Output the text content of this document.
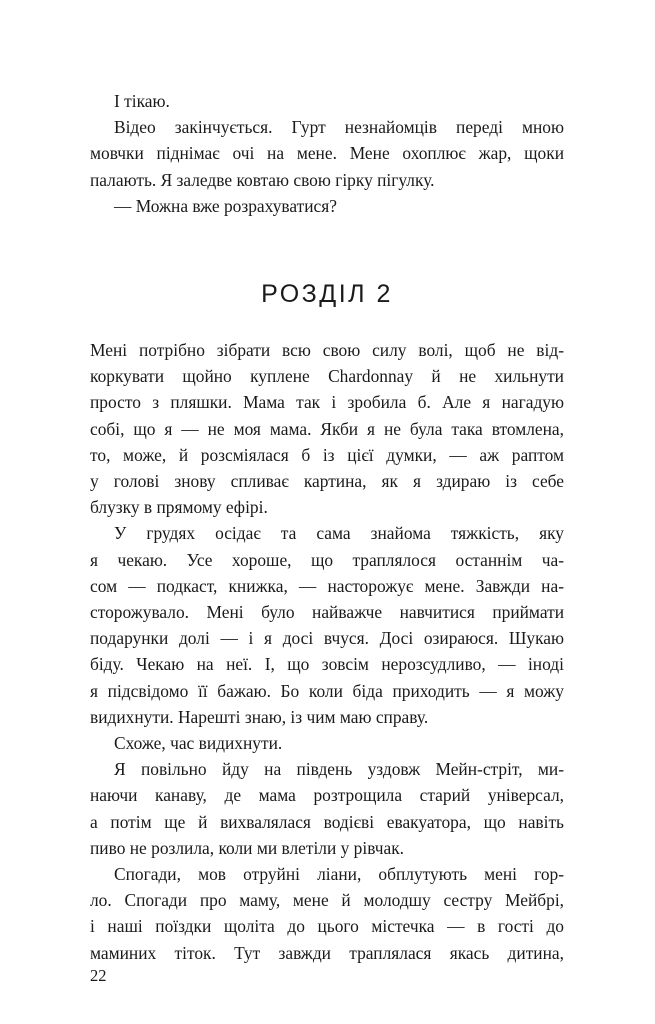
І тікаю.

Відео закінчується. Гурт незнайомців переді мною
мовчки піднімає очі на мене. Мене охоплює жар, щоки
палають. Я заледве ковтаю свою гірку пігулку.

— Можна вже розрахуватися?

РОЗДІЛ 2

Мені потрібно зібрати всю свою силу волі, щоб не від-
коркувати щойно куплене Chardonnay й не хильнути
просто з пляшки. Мама так і зробила б. Але я нагадую
собі, що я — не моя мама. Якби я не була така втомлена,
то, може, й розсміялася б із цієї думки, — аж раптом
у голові знову спливає картина, як я здираю із себе
блузку в прямому ефірі.

У грудях осідає та сама знайома тяжкість, яку
я чекаю. Усе хороше, що траплялося останнім ча-
сом — подкаст, книжка, — насторожує мене. Завжди на-
сторожувало. Мені було найважче навчитися приймати
подарунки долі — і я досі вчуся. Досі озираюся. Шукаю
біду. Чекаю на неї. І, що зовсім нерозсудливо, — іноді
я підсвідомо її бажаю. Бо коли біда приходить — я можу
видихнути. Нарешті знаю, із чим маю справу.

Схоже, час видихнути.

Я повільно йду на південь уздовж Мейн-стріт, ми-
наючи канаву, де мама розтрощила старий універсал,
а потім ще й вихвалялася водієві евакуатора, що навіть
пиво не розлила, коли ми влетіли у рівчак.

Спогади, мов отруйні ліани, обплутують мені гор-
ло. Спогади про маму, мене й молодшу сестру Мейбрі,
і наші поїздки щоліта до цього містечка — в гості до
маминих тіток. Тут завжди траплялася якась дитина,

22
